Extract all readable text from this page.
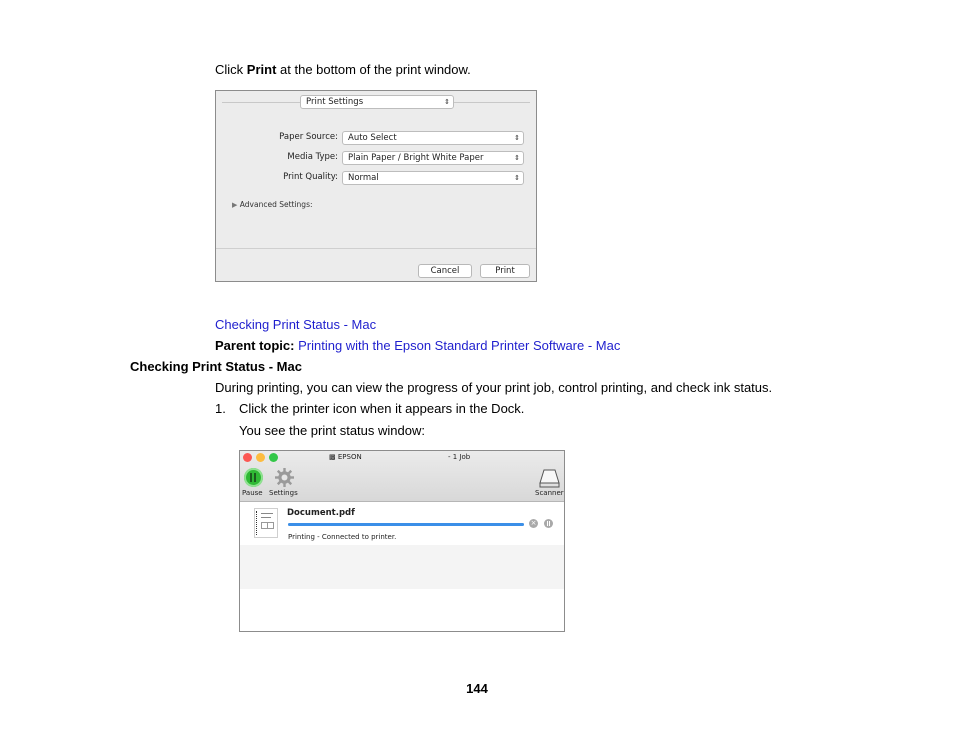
Click Print at the bottom of the print window.
Print Settings	⇕
Paper Source:	Auto Select	⇕
Media Type:	Plain Paper / Bright White Paper	⇕
Print Quality:	Normal	⇕
▶ Advanced Settings:
Cancel	Print
Checking Print Status - Mac
Parent topic: Printing with the Epson Standard Printer Software - Mac
Checking Print Status - Mac
During printing, you can view the progress of your print job, control printing, and check ink status.
1. Click the printer icon when it appears in the Dock.
You see the print status window:
▩ EPSON	- 1 Job
Pause Settings	Scanner
Document.pdf
×
Printing - Connected to printer.
144
